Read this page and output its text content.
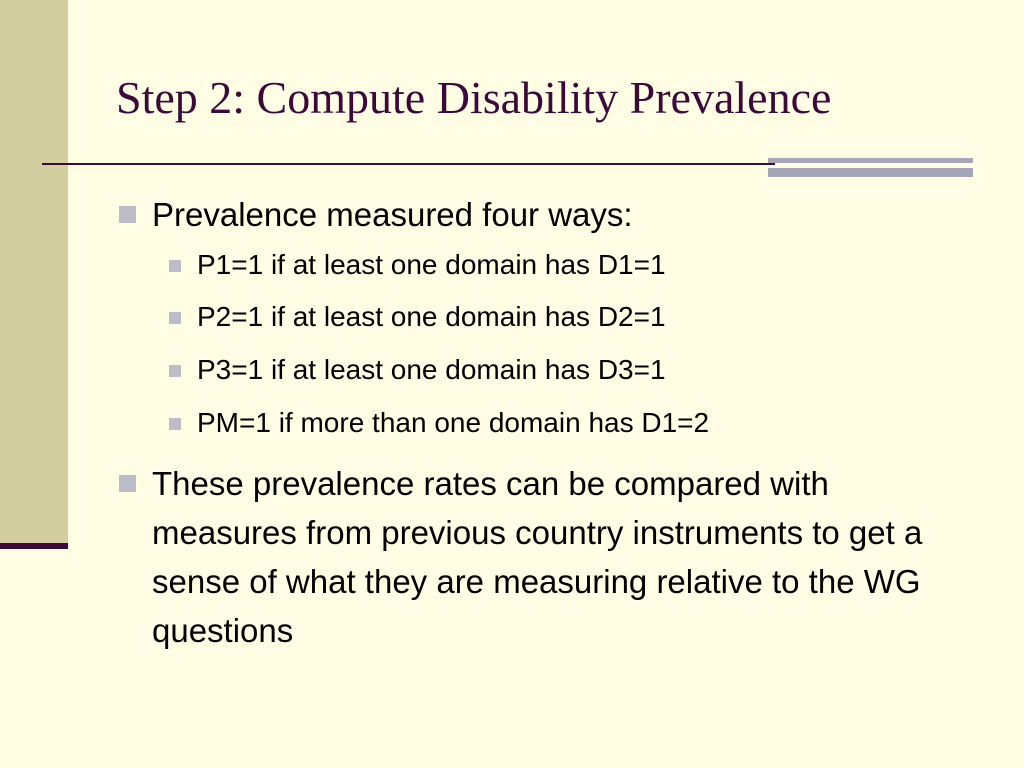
Step 2: Compute Disability Prevalence
Prevalence measured four ways:
P1=1 if at least one domain has D1=1
P2=1 if at least one domain has D2=1
P3=1 if at least one domain has D3=1
PM=1 if more than one domain has D1=2
These prevalence rates can be compared with measures from previous country instruments to get a sense of what they are measuring relative to the WG questions
